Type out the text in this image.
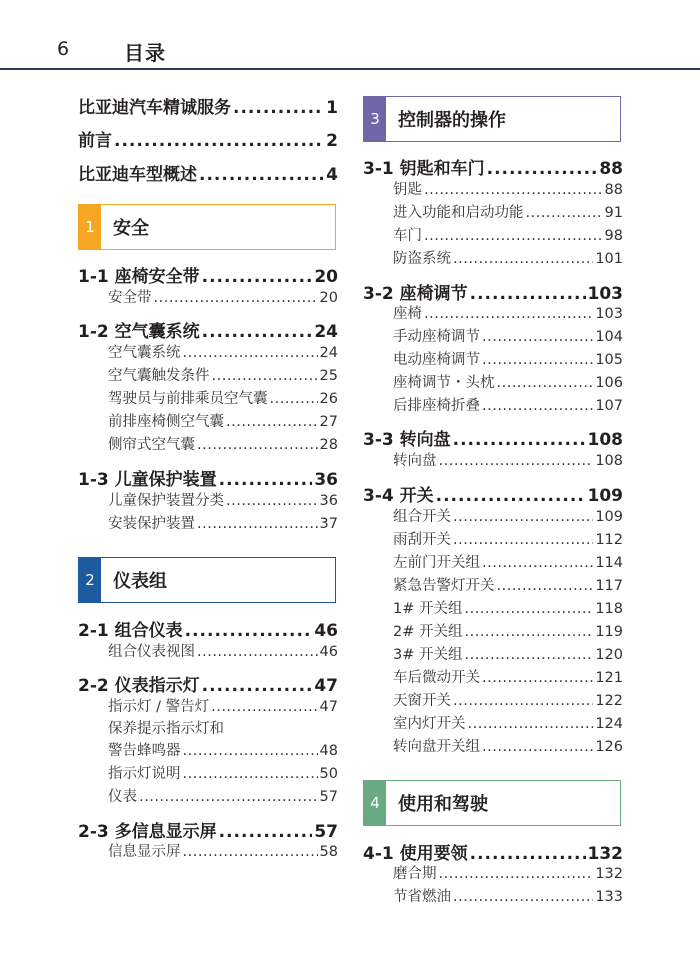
6	目录
比亚迪汽车精诚服务 .....	1
前言 .....	2
比亚迪车型概述 .....	4
1	安全
1-1 座椅安全带 .....	20
安全带 .....	20
1-2 空气囊系统 .....	24
空气囊系统 .....	24
空气囊触发条件 .....	25
驾驶员与前排乘员空气囊 .....	26
前排座椅侧空气囊 .....	27
侧帘式空气囊 .....	28
1-3 儿童保护装置 .....	36
儿童保护装置分类 .....	36
安装保护装置 .....	37
2	仪表组
2-1 组合仪表 .....	46
组合仪表视图 .....	46
2-2 仪表指示灯 .....	47
指示灯 / 警告灯 .....	47
保养提示指示灯和
警告蜂鸣器 .....	48
指示灯说明 .....	50
仪表 .....	57
2-3 多信息显示屏 .....	57
信息显示屏 .....	58
3	控制器的操作
3-1 钥匙和车门 .....	88
钥匙 .....	88
进入功能和启动功能 .....	91
车门 .....	98
防盗系统 .....	101
3-2 座椅调节 .....	103
座椅 .....	103
手动座椅调节 .....	104
电动座椅调节 .....	105
座椅调节・头枕 .....	106
后排座椅折叠 .....	107
3-3 转向盘 .....	108
转向盘 .....	108
3-4 开关 .....	109
组合开关 .....	109
雨刮开关 .....	112
左前门开关组 .....	114
紧急告警灯开关 .....	117
1# 开关组 .....	118
2# 开关组 .....	119
3# 开关组 .....	120
车后微动开关 .....	121
天窗开关 .....	122
室内灯开关 .....	124
转向盘开关组 .....	126
4	使用和驾驶
4-1 使用要领 .....	132
磨合期 .....	132
节省燃油 .....	133
